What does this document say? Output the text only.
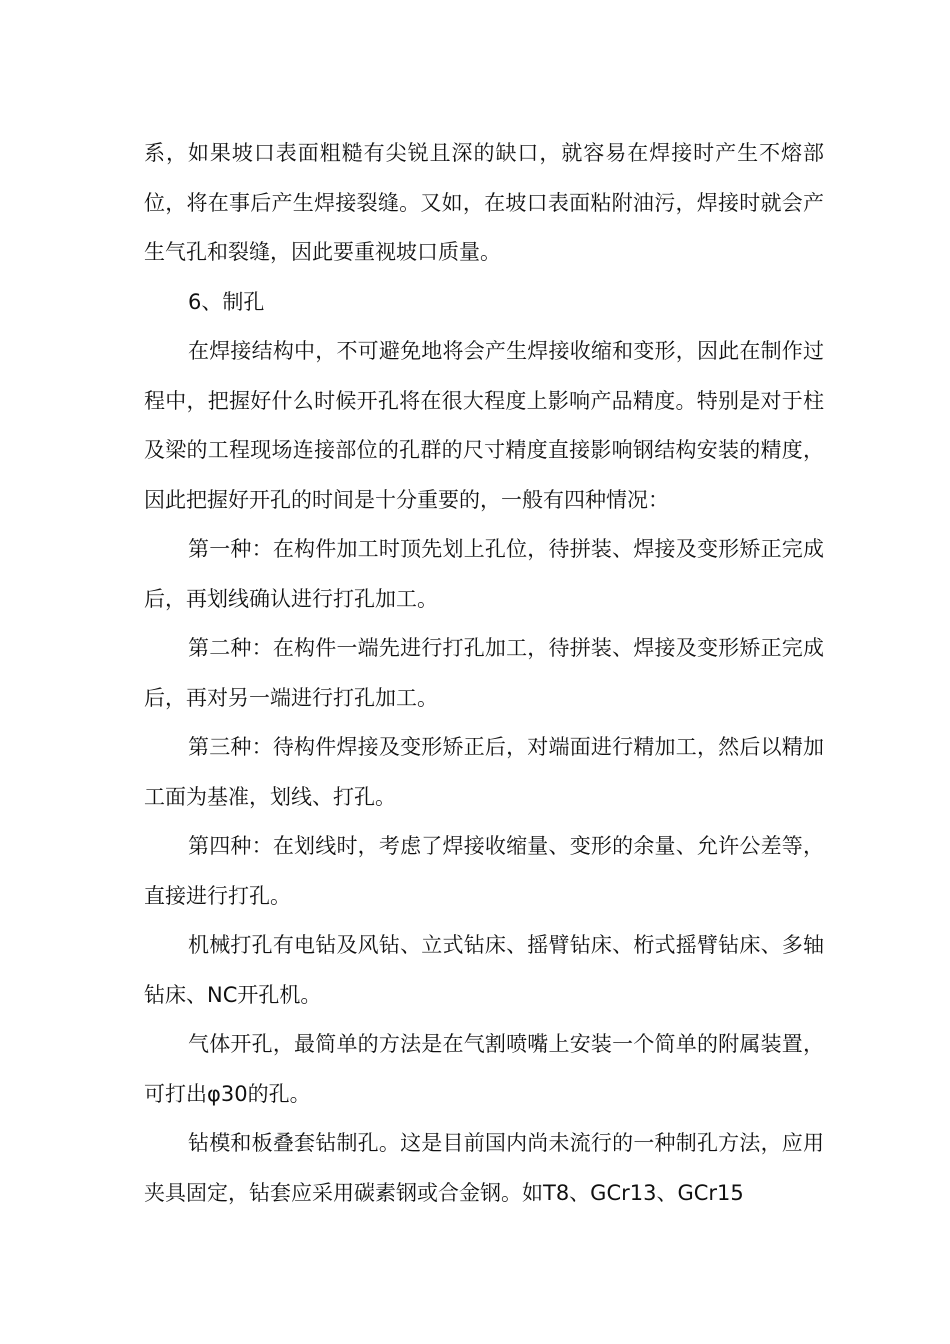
系，如果坡口表面粗糙有尖锐且深的缺口，就容易在焊接时产生不熔部位，将在事后产生焊接裂缝。又如，在坡口表面粘附油污，焊接时就会产生气孔和裂缝，因此要重视坡口质量。

6、制孔

在焊接结构中，不可避免地将会产生焊接收缩和变形，因此在制作过程中，把握好什么时候开孔将在很大程度上影响产品精度。特别是对于柱及梁的工程现场连接部位的孔群的尺寸精度直接影响钢结构安装的精度，因此把握好开孔的时间是十分重要的，一般有四种情况：

第一种：在构件加工时顶先划上孔位，待拼装、焊接及变形矫正完成后，再划线确认进行打孔加工。

第二种：在构件一端先进行打孔加工，待拼装、焊接及变形矫正完成后，再对另一端进行打孔加工。

第三种：待构件焊接及变形矫正后，对端面进行精加工，然后以精加工面为基准，划线、打孔。

第四种：在划线时，考虑了焊接收缩量、变形的余量、允许公差等，直接进行打孔。

机械打孔有电钻及风钻、立式钻床、摇臂钻床、桁式摇臂钻床、多轴钻床、NC开孔机。

气体开孔，最简单的方法是在气割喷嘴上安装一个简单的附属装置，可打出φ30的孔。

钻模和板叠套钻制孔。这是目前国内尚未流行的一种制孔方法，应用夹具固定，钻套应采用碳素钢或合金钢。如T8、GCr13、GCr15
